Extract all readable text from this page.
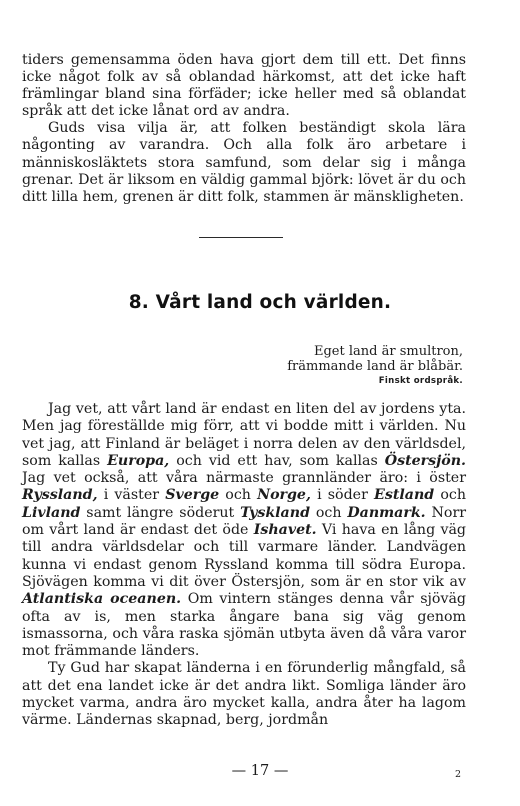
tiders gemensamma öden hava gjort dem till ett. Det finns icke något folk av så oblandad härkomst, att det icke haft främlingar bland sina förfäder; icke heller med så oblandat språk att det icke lånat ord av andra.

Guds visa vilja är, att folken beständigt skola lära någonting av varandra. Och alla folk äro arbetare i människosläktets stora samfund, som delar sig i många grenar. Det är liksom en väldig gammal björk: lövet är du och ditt lilla hem, grenen är ditt folk, stammen är mänskligheten.

8. Vårt land och världen.
Eget land är smultron,
främmande land är blåbär.
Finskt ordspråk.

Jag vet, att vårt land är endast en liten del av jordens yta. Men jag föreställde mig förr, att vi bodde mitt i världen. Nu vet jag, att Finland är beläget i norra delen av den världsdel, som kallas Europa, och vid ett hav, som kallas Östersjön. Jag vet också, att våra närmaste grannländer äro: i öster Ryssland, i väster Sverge och Norge, i söder Estland och Livland samt längre söderut Tyskland och Danmark. Norr om vårt land är endast det öde Ishavet. Vi hava en lång väg till andra världsdelar och till varmare länder. Landvägen kunna vi endast genom Ryssland komma till södra Europa. Sjövägen komma vi dit över Östersjön, som är en stor vik av Atlantiska oceanen. Om vintern stänges denna vår sjöväg ofta av is, men starka ångare bana sig väg genom ismassorna, och våra raska sjömän utbyta även då våra varor mot främmande länders.

Ty Gud har skapat länderna i en förunderlig mångfald, så att det ena landet icke är det andra likt. Somliga länder äro mycket varma, andra äro mycket kalla, andra åter ha lagom värme. Ländernas skapnad, berg, jordmån

— 17 —	2
